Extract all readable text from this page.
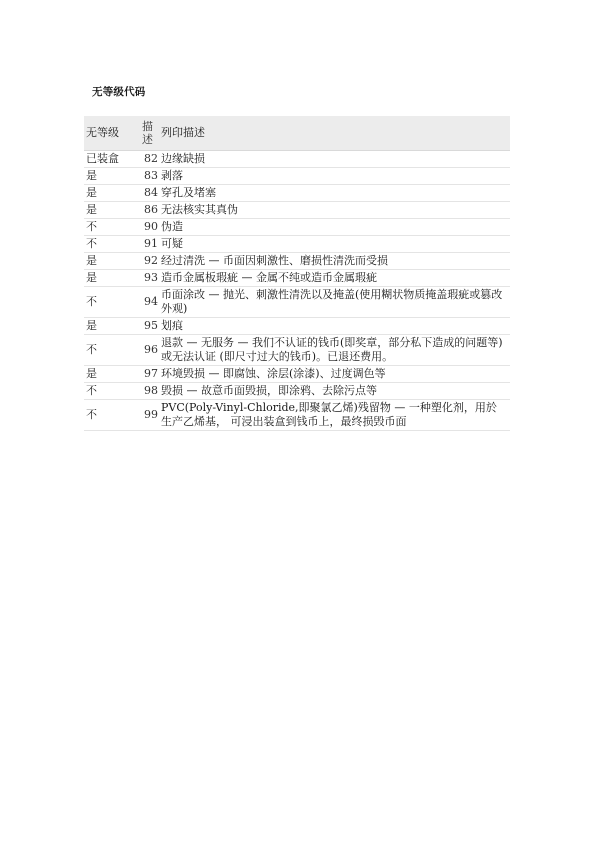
无等级代码
无等级	描述	列印描述
已装盒	82	边缘缺损
是	83	剥落
是	84	穿孔及堵塞
是	86	无法核实其真伪
不	90	伪造
不	91	可疑
是	92	经过清洗 — 币面因刺激性、磨损性清洗而受损
是	93	造币金属板瑕疵 — 金属不纯或造币金属瑕疵
不	94	币面涂改 — 抛光、刺激性清洗以及掩盖(使用糊状物质掩盖瑕疵或篡改外观)
是	95	划痕
不	96	退款 — 无服务 — 我们不认证的钱币(即奖章，部分私下造成的问题等)或无法认证 (即尺寸过大的钱币)。已退还费用。
是	97	环境毁损 — 即腐蚀、涂层(涂漆)、过度调色等
不	98	毁损 — 故意币面毁损，即涂鸦、去除污点等
不	99	PVC(Poly-Vinyl-Chloride,即聚氯乙烯)残留物 — 一种塑化剂，用於生产乙烯基， 可浸出装盒到钱币上，最终损毁币面
